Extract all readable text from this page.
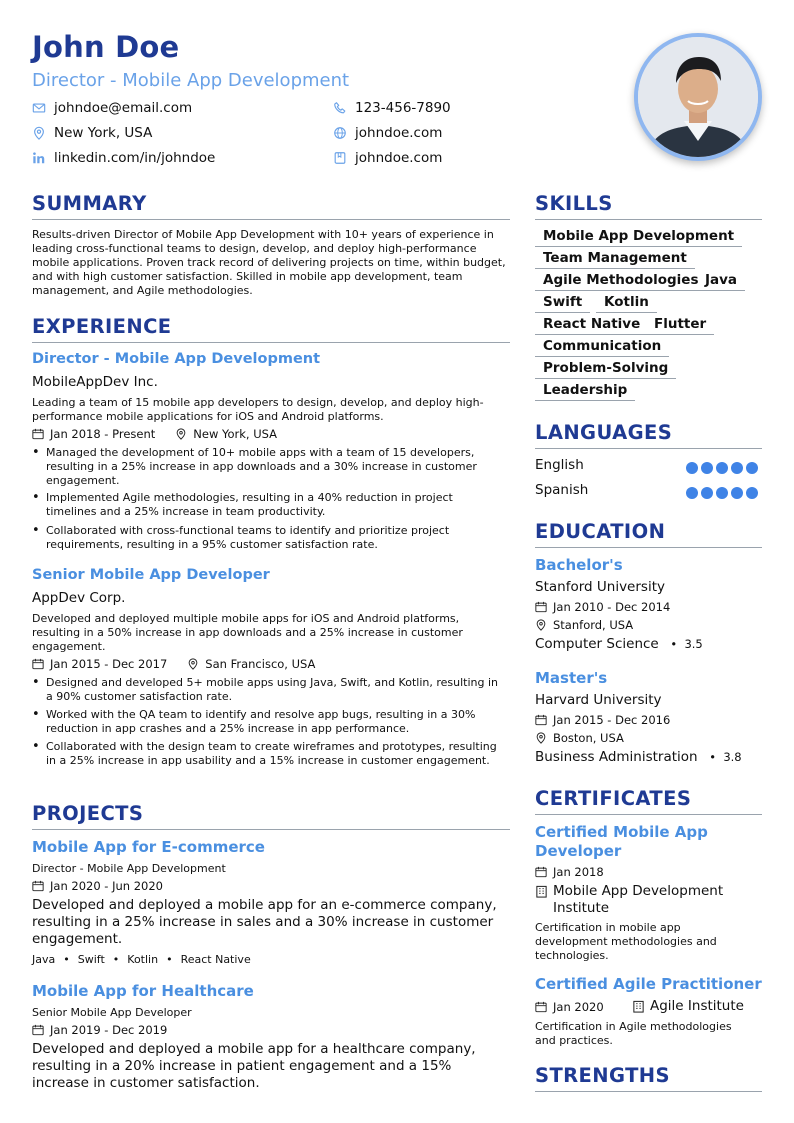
John Doe
Director - Mobile App Development
johndoe@email.com	123-456-7890
New York, USA	johndoe.com
linkedin.com/in/johndoe	johndoe.com
SUMMARY
Results-driven Director of Mobile App Development with 10+ years of experience in leading cross-functional teams to design, develop, and deploy high-performance mobile applications. Proven track record of delivering projects on time, within budget, and with high customer satisfaction. Skilled in mobile app development, team management, and Agile methodologies.
EXPERIENCE
Director - Mobile App Development
MobileAppDev Inc.
Leading a team of 15 mobile app developers to design, develop, and deploy high-performance mobile applications for iOS and Android platforms.
Jan 2018 - Present	New York, USA
• Managed the development of 10+ mobile apps with a team of 15 developers, resulting in a 25% increase in app downloads and a 30% increase in customer engagement.
• Implemented Agile methodologies, resulting in a 40% reduction in project timelines and a 25% increase in team productivity.
• Collaborated with cross-functional teams to identify and prioritize project requirements, resulting in a 95% customer satisfaction rate.
Senior Mobile App Developer
AppDev Corp.
Developed and deployed multiple mobile apps for iOS and Android platforms, resulting in a 50% increase in app downloads and a 25% increase in customer engagement.
Jan 2015 - Dec 2017	San Francisco, USA
• Designed and developed 5+ mobile apps using Java, Swift, and Kotlin, resulting in a 90% customer satisfaction rate.
• Worked with the QA team to identify and resolve app bugs, resulting in a 30% reduction in app crashes and a 25% increase in app performance.
• Collaborated with the design team to create wireframes and prototypes, resulting in a 25% increase in app usability and a 15% increase in customer engagement.
PROJECTS
Mobile App for E-commerce
Director - Mobile App Development
Jan 2020 - Jun 2020
Developed and deployed a mobile app for an e-commerce company, resulting in a 25% increase in sales and a 30% increase in customer engagement.
Java • Swift • Kotlin • React Native
Mobile App for Healthcare
Senior Mobile App Developer
Jan 2019 - Dec 2019
Developed and deployed a mobile app for a healthcare company, resulting in a 20% increase in patient engagement and a 15% increase in customer satisfaction.
SKILLS
Mobile App Development
Team Management
Agile Methodologies Java
Swift	Kotlin
React Native	Flutter
Communication
Problem-Solving
Leadership
LANGUAGES
English
Spanish
EDUCATION
Bachelor's
Stanford University
Jan 2010 - Dec 2014
Stanford, USA
Computer Science   •  3.5
Master's
Harvard University
Jan 2015 - Dec 2016
Boston, USA
Business Administration   •  3.8
CERTIFICATES
Certified Mobile App Developer
Jan 2018
Mobile App Development Institute
Certification in mobile app development methodologies and technologies.
Certified Agile Practitioner
Jan 2020	Agile Institute
Certification in Agile methodologies and practices.
STRENGTHS
